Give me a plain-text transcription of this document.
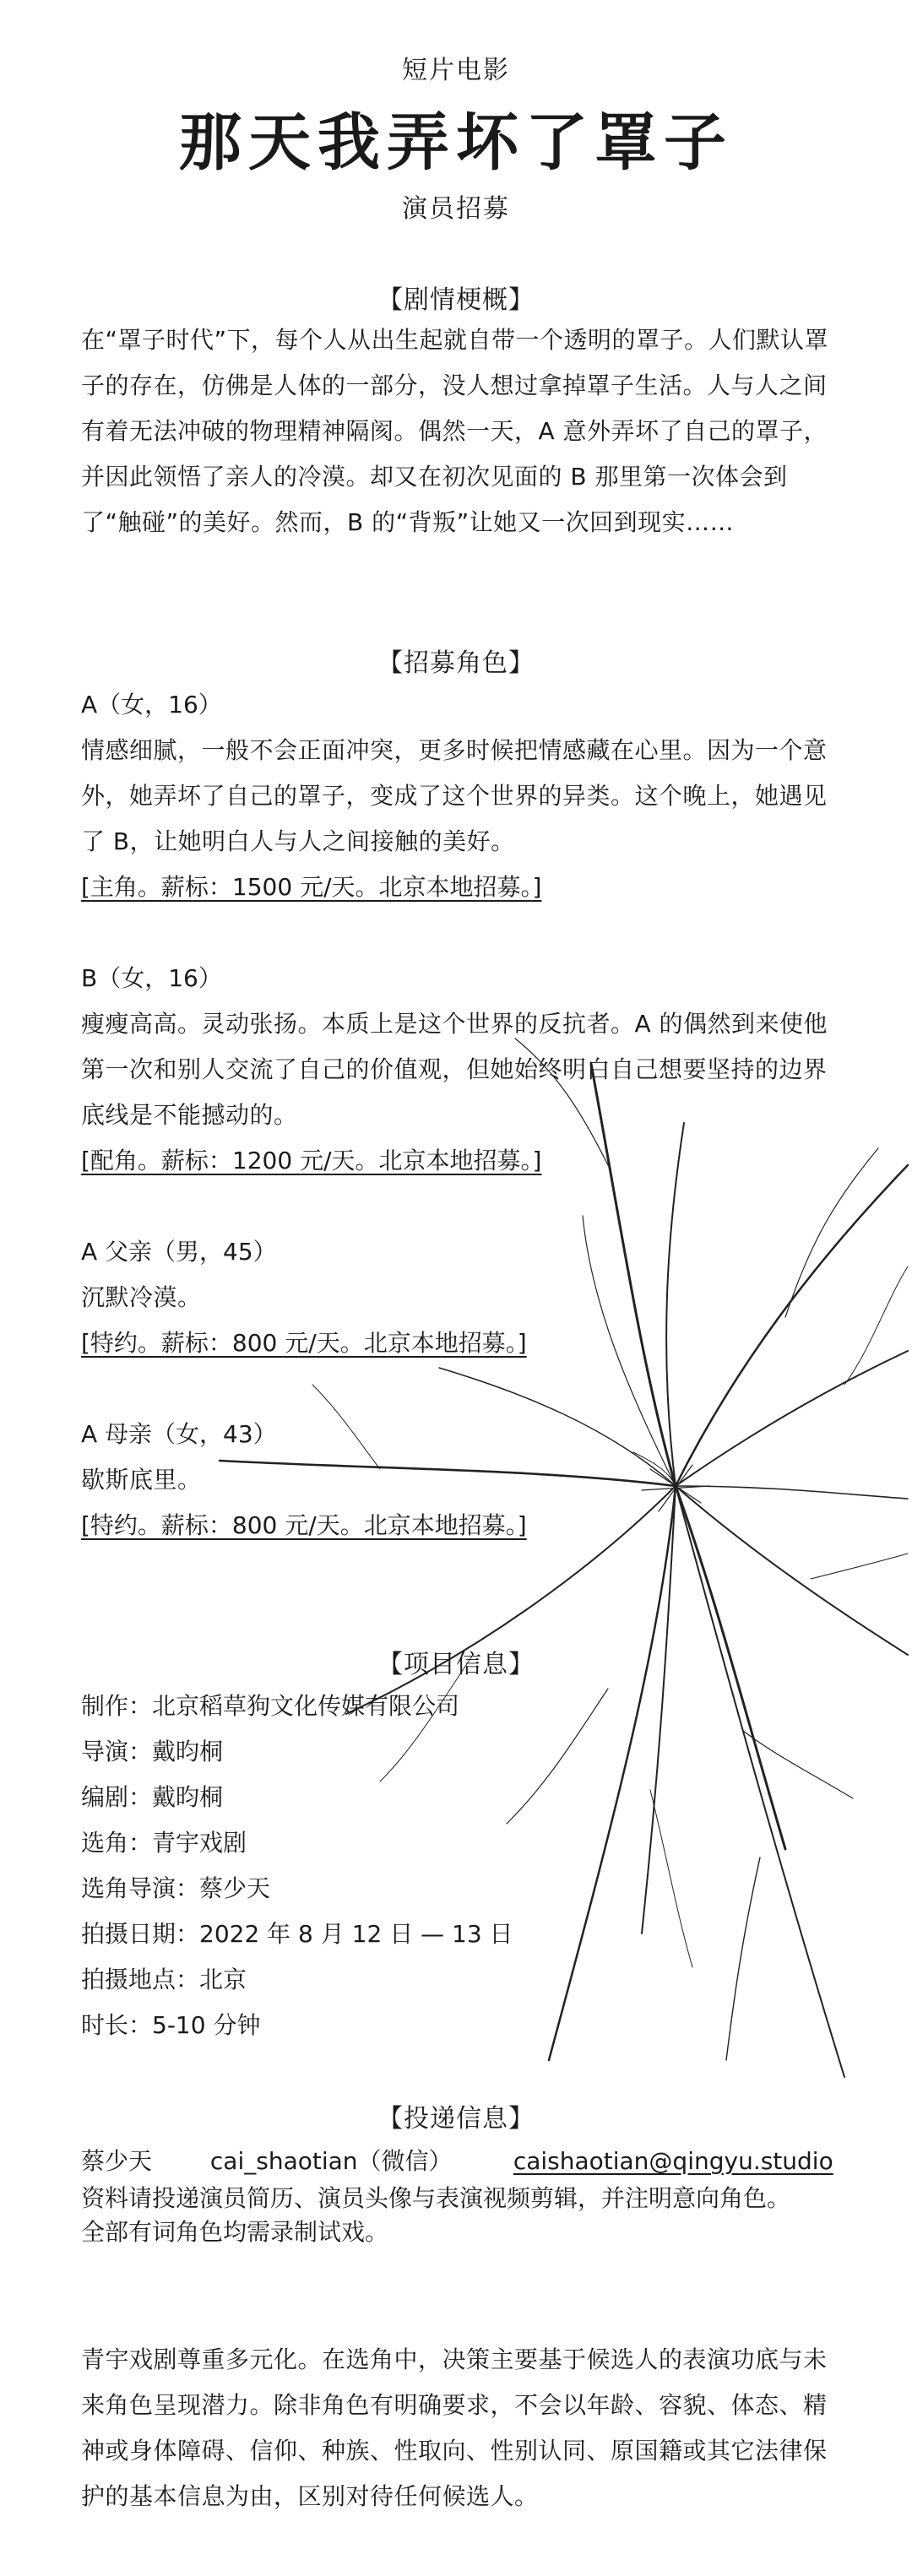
短片电影
那天我弄坏了罩子
演员招募
【剧情梗概】

在“罩子时代”下，每个人从出生起就自带一个透明的罩子。人们默认罩子的存在，仿佛是人体的一部分，没人想过拿掉罩子生活。人与人之间有着无法冲破的物理精神隔阂。偶然一天，A 意外弄坏了自己的罩子，并因此领悟了亲人的冷漠。却又在初次见面的 B 那里第一次体会到了“触碰”的美好。然而，B 的“背叛”让她又一次回到现实……

【招募角色】
A（女，16）

情感细腻，一般不会正面冲突，更多时候把情感藏在心里。因为一个意外，她弄坏了自己的罩子，变成了这个世界的异类。这个晚上，她遇见了 B，让她明白人与人之间接触的美好。

[主角。薪标：1500 元/天。北京本地招募。]
B（女，16）

瘦瘦高高。灵动张扬。本质上是这个世界的反抗者。A 的偶然到来使他第一次和别人交流了自己的价值观，但她始终明白自己想要坚持的边界底线是不能撼动的。

[配角。薪标：1200 元/天。北京本地招募。]
A 父亲（男，45）

沉默冷漠。

[特约。薪标：800 元/天。北京本地招募。]
A 母亲（女，43）

歇斯底里。

[特约。薪标：800 元/天。北京本地招募。]
【项目信息】
制作：北京稻草狗文化传媒有限公司
导演：戴昀桐
编剧：戴昀桐
选角：青宇戏剧
选角导演：蔡少天
拍摄日期：2022 年 8 月 12 日 — 13 日
拍摄地点：北京
时长：5-10 分钟
【投递信息】
蔡少天 cai_shaotian（微信）	caishaotian@qingyu.studio
资料请投递演员简历、演员头像与表演视频剪辑，并注明意向角色。
全部有词角色均需录制试戏。

青宇戏剧尊重多元化。在选角中，决策主要基于候选人的表演功底与未来角色呈现潜力。除非角色有明确要求，不会以年龄、容貌、体态、精神或身体障碍、信仰、种族、性取向、性别认同、原国籍或其它法律保护的基本信息为由，区别对待任何候选人。
